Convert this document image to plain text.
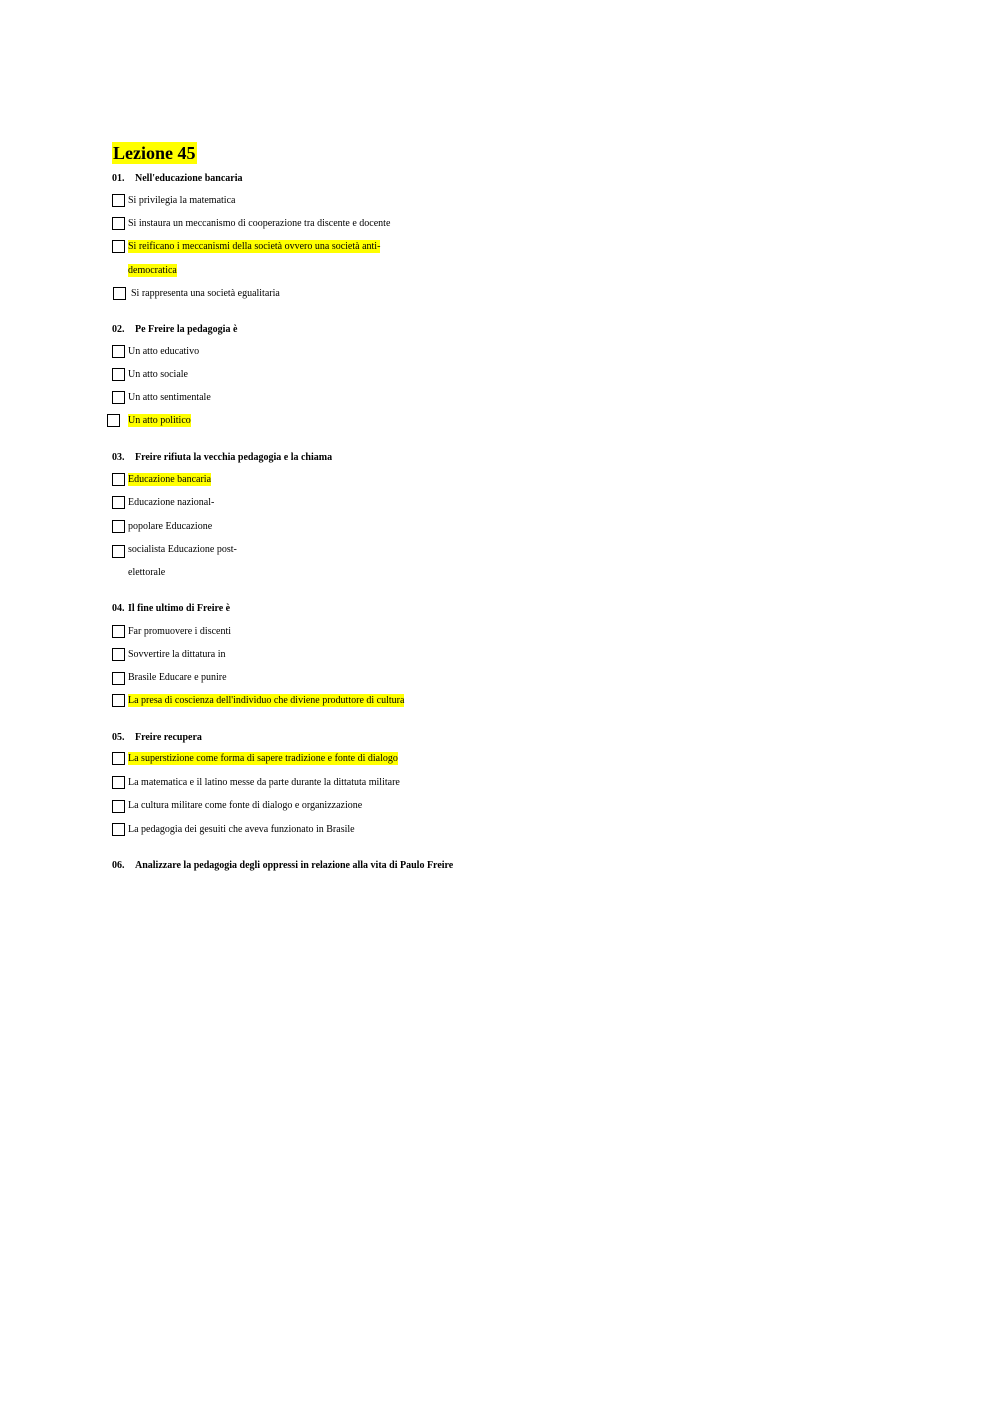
Lezione 45
01. Nell'educazione bancaria
Si privilegia la matematica
Si instaura un meccanismo di cooperazione tra discente e docente
Si reificano i meccanismi della società ovvero una società anti-
democratica
Si rappresenta una società egualitaria
02. Pe Freire la pedagogia è
Un atto educativo
Un atto sociale
Un atto sentimentale
Un atto politico
03. Freire rifiuta la vecchia pedagogia e la chiama
Educazione bancaria
Educazione nazional-
popolare Educazione
socialista Educazione post-
elettorale
04. Il fine ultimo di Freire è
Far promuovere i discenti
Sovvertire la dittatura in
Brasile Educare e punire
La presa di coscienza dell'individuo che diviene produttore di cultura
05. Freire recupera
La superstizione come forma di sapere tradizione e fonte di dialogo
La matematica e il latino messe da parte durante la dittatuta militare
La cultura militare come fonte di dialogo e organizzazione
La pedagogia dei gesuiti che aveva funzionato in Brasile
06. Analizzare la pedagogia degli oppressi in relazione alla vita di Paulo Freire
